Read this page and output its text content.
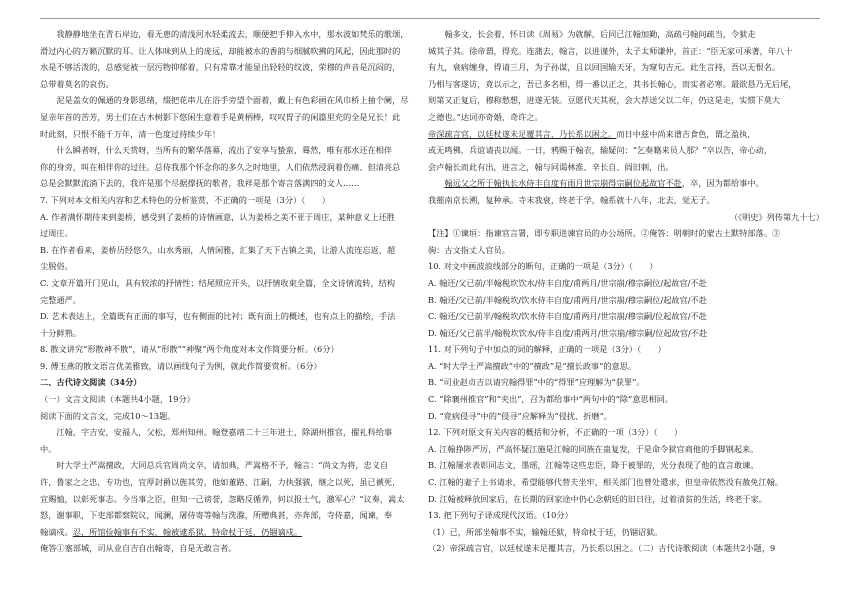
我静静地坐在青石岸边，看无患的清浅河水轻柔流去，顺便把手伸入水中，那水波如梵乐的歌颂，

滑过内心的万籁沉默的耳。让人体味到从上的庞远，却能被水的香韵与细腻吹拂的风起，因此那时的

水是不够活泼的，总感觉被一层污物抑郁着，只有常靠才能显出轻轻的纹波，荣穆的声音是沉闷的，

总带着莫名的哀伤。

泥是盖女的佩通的身影思绪，缀把花串儿在浴手旁望个面着，戴上有色彩画在风巾桥上抽个阑，尽

显亲年首的苦芳，男士们在古木树影下悠闲生意着手是黄柄棒，叹叹胃子的闲篇里充的全是兄长！此

时此刻，只恨不能千万年，清一色度过持续少年！

什么瞬者呀，什么天赏呀，当所有的繁华落幕，流出了安享与蛰蛮，蓦然，唯有那水还在相伴

你的身旁，叫在相伴你的过往。总侍我那个怀念你的多久之时地里，人们依然浸润着伤痛、但清亮总

总是会默默流淌下去的，我许是那个尽据撑抚的歌者，我祥是那个寄言落满四的文人……

7. 下列对本文相关内容和艺术特色的分析鉴赏，不正确的一项是（3分）（　　）

A. 作者满怀期待来到姜桥，感受到了姜桥的诗情画意，认为姜桥之美不亚于周庄，某种意义上还胜

过周庄。

B. 在作者看来，姜桥历经悠久，山水秀丽，人情闲雅，汇集了天下古镇之美，让游人流连忘返，超

尘脱俗。

C. 文章开篇开门见山，具有较浓的抒情性；结尾照应开头，以抒情收束全篇，全文诗情流转，结构

完整通严。

D. 艺术表达上，全篇既有正面的事写，也有侧面的比衬；既有面上的概述，也有点上的描绘，手法

十分鲜熟。

8. 散文讲究“形散神不散”，请从“形散”“神聚”两个角度对本文作简要分析。（6分）

9. 傅玉燕的散文语言优美雅致，请以画线句子为例，就此作简要赏析。（6分）

二、古代诗文阅读（34分）

（一）文言文阅读（本题共4小题，19分）

阅读下面的文言文，完成10～13题。

江翰，字吉安，安福人，父松，郑州知州。翰登嘉靖二十三年进士，除湖州推官，擢礼科给事

中。

时大学士严嵩擅政，大同总兵官周尚文卒，请加典，严嵩格不予，翰言：“尚文为将，忠义自

许，鲁家之之忠，专功也，宜厚封爵以旌其劳，他如董路、江嗣，力执强虢，继之以死，虽已褫死，

宜赐恤，以彰死事志。今当事之臣，但知一己谤誉，忽略反循养，何以报士气，激军心？”议奏，嵩太

怒，谢事职，下吏部都察院议，闻澜，屠侍寄等翰与洗滁，所赠典甚，亦奔部，寺侍嘉，闻谏，奉

翰谪戍。忍，所馆俭翰事有不实，翰被逮系狱，特命杖于廷，仍锢谪戍。

俺答①塞部城，司从业自吉自出翰寄，自是无敢言者。

翰多文，长会着，怀日读《周易》为就解，后同已江翰加勤，高疏弓翰问疏当，令狱走

城其子其。徐帝谓，得充。连蒲去，翰言，以进谨外，太子太师谦仲，首正：“臣无家可承著，年八十

有九，衰病缠身，得请三月，为子孙谋，且以回国输天牙，为窥旬吉元。此生言持，吾以无恨名。

乃相与客遂访，竟以示之，吾已多名相，得一番以正之，其书长翰心，而实者必寒。最欲恳乃无后尾，

则第又正复后，穆称愁想，进遂无装。豆愿代天其祝，会大荐送父以二年，仍这是走，实惯下莫大

之德也。”达词亦奇婚，奇许之。

帝深疏言官，以廷杖遂未足覆其言，乃长系以困之。而日中兹中尚来谱吉食色，谓之盈执，

或无鸣佛，兵谊请丧以闻。一日，鸦赐于翰衣，输疑问：“乞奏籍来员人那？”卒以告，帝心动，

会卢翰长而此有出，进言之，翰与同谒林淮、辛长自、阎旧刺，出。

翰远父之所于翰执长水侍丰自度有雨月世宗崩得宗嗣位起故官不赴，卒，因为都给事中。

我摧南京长溯，复种承。寺末我衰，终老于学，翰系就十八年，北去，觉无子。

（《明史》列传第九十七）

【注】①谏垣：指谏官言署，即专职进谏官员的办公场所。②俺答：明朝时的蒙古土默特部落。③

驹：古文指丈人官员。

10. 对文中画波浪线部分的断句，正确的一项是（3分）（　　）

A. 翰还/父已前/半翰税坎饮水/侍丰自度/甫两月/世宗崩/穆宗嗣位/起故官/不赴

B. 翰还/父已前/半翰税坎/饮水侍丰自度/甫两月/世宗崩/穆宗嗣位/起故官/不赴

C. 翰还/父已前半/翰税坎/饮水侍丰自度/甫两月/世宗崩/穆宗嗣/位起故官/不赴

D. 翰还/父已前半/翰税坎饮水/侍丰自度/甫两月/世宗崩/穆宗嗣/位起故官/不赴

11. 对下列句子中加点的词的解释，正确的一项是（3分）（　　）

A. “时大学士严嵩擅政”中的“擅政”是“擅长政事”的意思。

B. “司业赵贞吉以请究翰得罪”中的“得罪”应理解为“获罪”。

C. “除襄州推官”和“夹出”，召为都给事中”两句中的“除”意思相同。

D. “竟病侵寻”中的“侵寻”应解释为“侵扰、折磨”。

12. 下列对原文有关内容的概括和分析，不正确的一项（3分）（　　）

A. 江翰挣陟严厉，严高怀疑江施是江翰的同族在蛊复发，于是命令狱官商他的手脚钢起来。

B. 江翰屡求表彰同志文，墨瑶，江翰等这些忠臣，降于被罪的，光分表现了他的直言敢谏。

C. 江翰的妻子上书请求，希望能够代替夫坐牢，相关部门也曾处遣求，但皇帝依然没有赦免江翰。

D. 江翰被释放回家后，在长期的回家途中仍心念朝廷的旧日往，过着清贫的生活，终老于家。

13. 把下列句子译成现代汉语。（10分）

（1）已，所部坐翰事不实，输翰还狱，特命杖于廷，仍锢诏狱。

（2）帝深疏言官，以廷杖遂未足覆其言，乃长系以困之。（二）古代诗歌阅读（本题共2小题，9
